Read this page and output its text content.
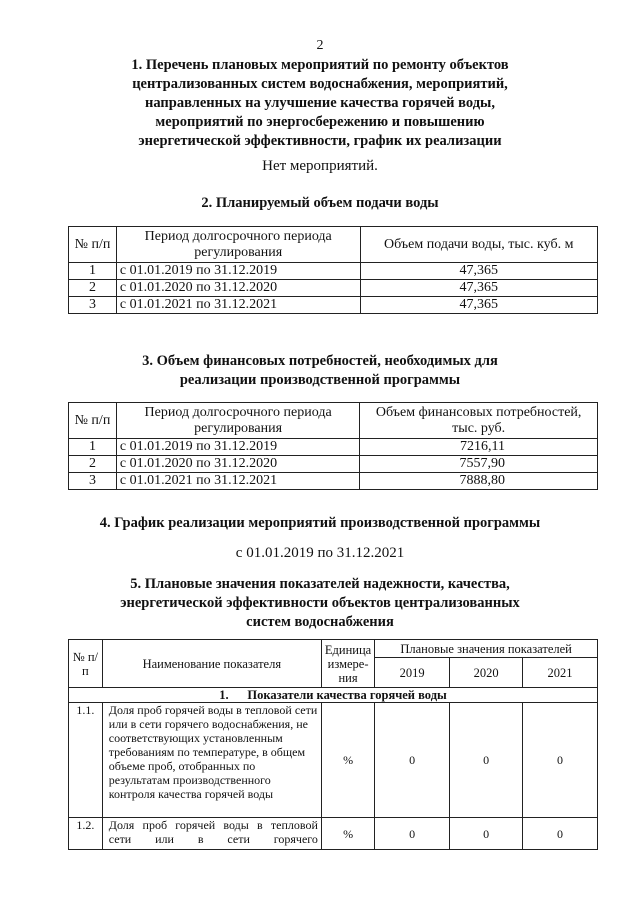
2
1. Перечень плановых мероприятий по ремонту объектов
централизованных систем водоснабжения, мероприятий,
направленных на улучшение качества горячей воды,
мероприятий по энергосбережению и повышению
энергетической эффективности, график их реализации
Нет мероприятий.
2. Планируемый объем подачи воды
№ п/п	Период долгосрочного периода регулирования	Объем подачи воды, тыс. куб. м
1	с 01.01.2019 по 31.12.2019	47,365
2	с 01.01.2020 по 31.12.2020	47,365
3	с 01.01.2021 по 31.12.2021	47,365
3. Объем финансовых потребностей, необходимых для
реализации производственной программы
№ п/п	Период долгосрочного периода регулирования	Объем финансовых потребностей, тыс. руб.
1	с 01.01.2019 по 31.12.2019	7216,11
2	с 01.01.2020 по 31.12.2020	7557,90
3	с 01.01.2021 по 31.12.2021	7888,80
4. График реализации мероприятий производственной программы
с 01.01.2019 по 31.12.2021
5. Плановые значения показателей надежности, качества,
энергетической эффективности объектов централизованных
систем водоснабжения
№ п/п	Наименование показателя	Единица измере-ния	Плановые значения показателей		
			2019	2020	2021
1.      Показатели качества горячей воды					
1.1.	Доля проб горячей воды в тепловой сети или в сети горячего водоснабжения, не соответствующих установленным требованиям по температуре, в общем объеме проб, отобранных по результатам производственного контроля качества горячей воды	%	0	0	0
1.2.	Доля проб горячей воды в тепловой
сети или в сети горячего	%	0	0	0
